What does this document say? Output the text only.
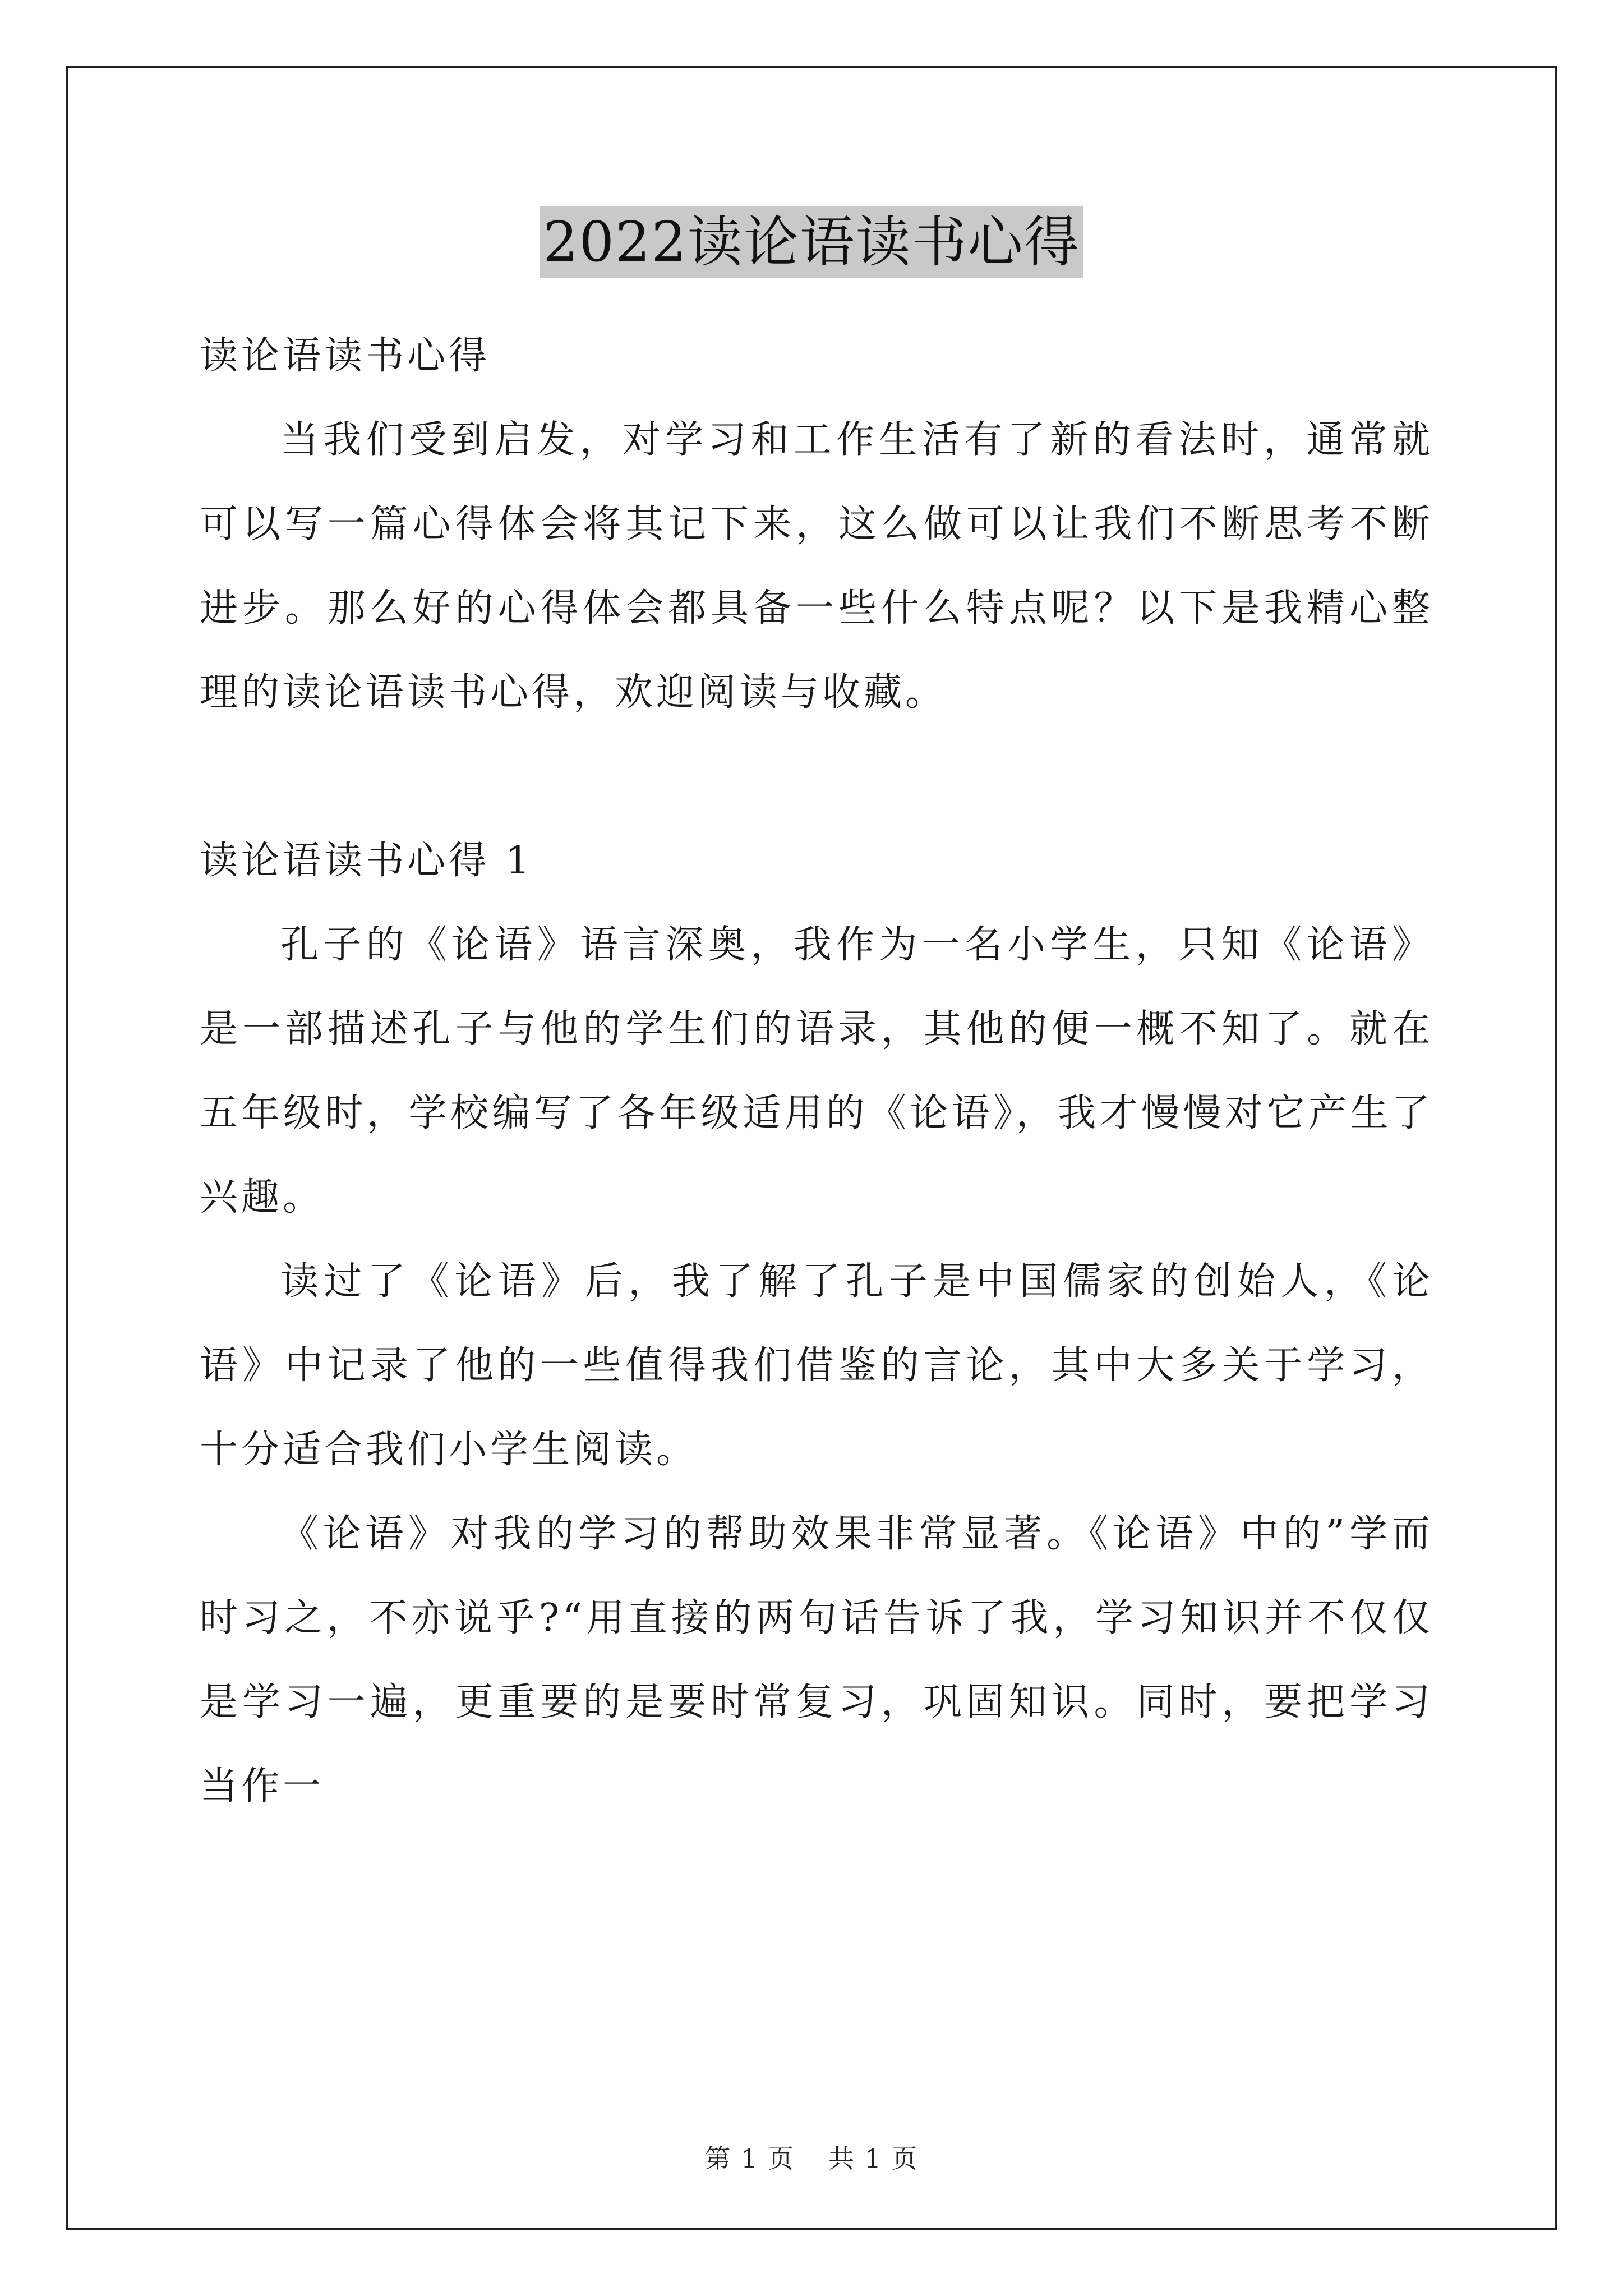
2022读论语读书心得

读论语读书心得

当我们受到启发，对学习和工作生活有了新的看法时，通常就可以写一篇心得体会将其记下来，这么做可以让我们不断思考不断进步。那么好的心得体会都具备一些什么特点呢？以下是我精心整理的读论语读书心得，欢迎阅读与收藏。

读论语读书心得 1

孔子的《论语》语言深奥，我作为一名小学生，只知《论语》是一部描述孔子与他的学生们的语录，其他的便一概不知了。就在五年级时，学校编写了各年级适用的《论语》，我才慢慢对它产生了兴趣。

读过了《论语》后，我了解了孔子是中国儒家的创始人，《论语》中记录了他的一些值得我们借鉴的言论，其中大多关于学习，十分适合我们小学生阅读。

《论语》对我的学习的帮助效果非常显著。《论语》中的”学而时习之，不亦说乎?“用直接的两句话告诉了我，学习知识并不仅仅是学习一遍，更重要的是要时常复习，巩固知识。同时，要把学习当作一

第 1 页 共 1 页
